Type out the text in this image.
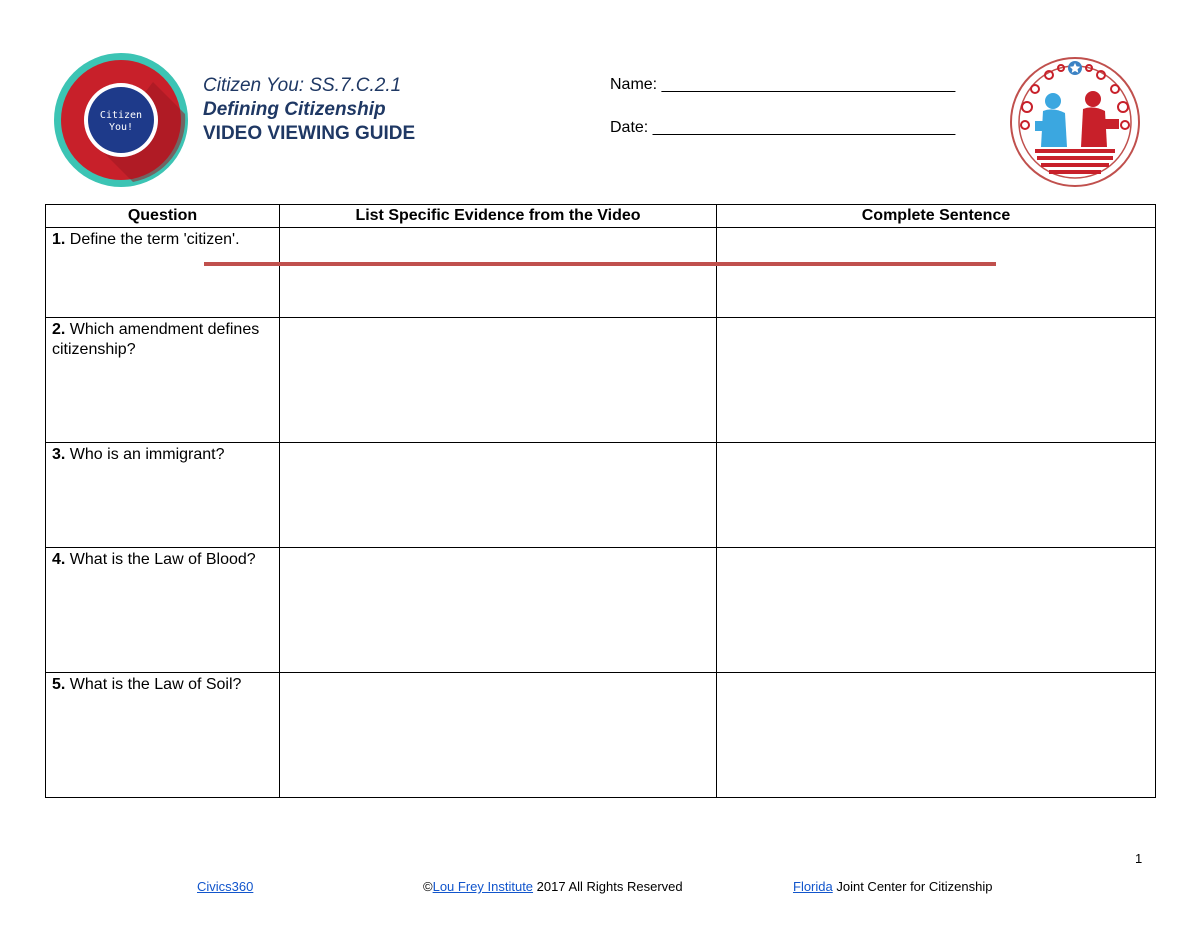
Citizen
You!
Citizen You: SS.7.C.2.1
Defining Citizenship
VIDEO VIEWING GUIDE
Name: _________________________________
Date: __________________________________
Question	List Specific Evidence from the Video	Complete Sentence
1. Define the term 'citizen'.		
2. Which amendment defines citizenship?		
3. Who is an immigrant?		
4. What is the Law of Blood?		
5. What is the Law of Soil?		
1
Civics360	©Lou Frey Institute 2017 All Rights Reserved	Florida Joint Center for Citizenship
